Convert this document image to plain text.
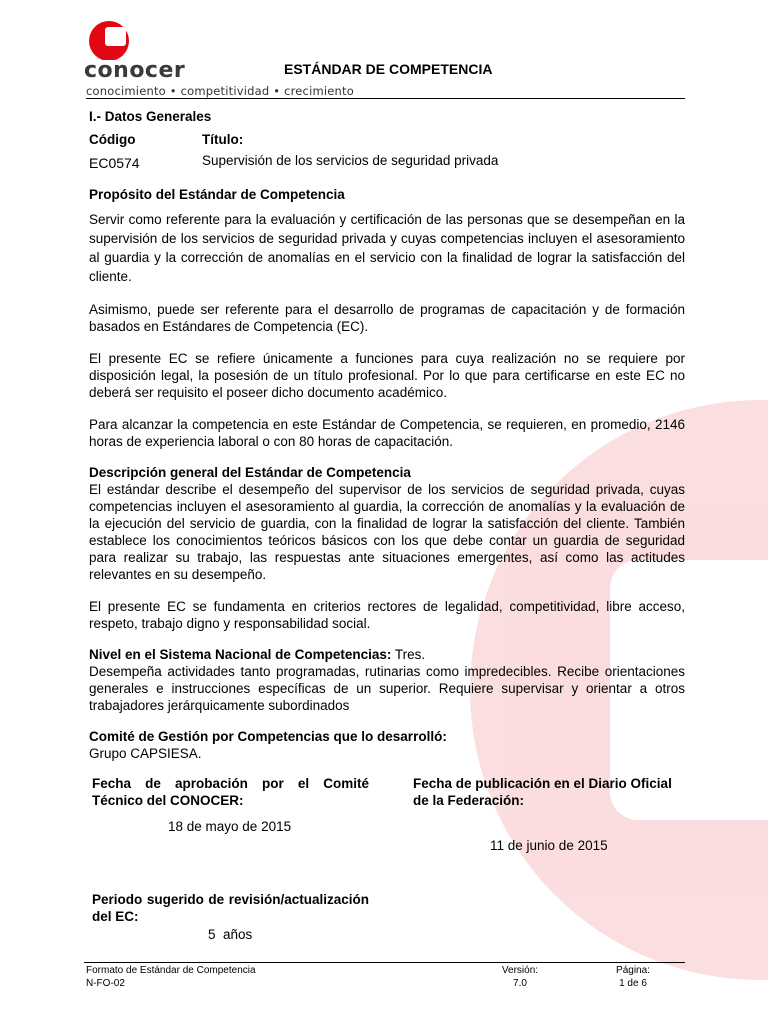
conocer
conocimiento • competitividad • crecimiento
ESTÁNDAR DE COMPETENCIA

I.- Datos Generales

Código	Título:
EC0574	Supervisión de los servicios de seguridad privada

Propósito del Estándar de Competencia

Servir como referente para la evaluación y certificación de las personas que se desempeñan en la supervisión de los servicios de seguridad privada y cuyas competencias incluyen el asesoramiento al guardia y la corrección de anomalías en el servicio con la finalidad de lograr la satisfacción del cliente.

Asimismo, puede ser referente para el desarrollo de programas de capacitación y de formación basados en Estándares de Competencia (EC).

El presente EC se refiere únicamente a funciones para cuya realización no se requiere por disposición legal, la posesión de un título profesional. Por lo que para certificarse en este EC no deberá ser requisito el poseer dicho documento académico.

Para alcanzar la competencia en este Estándar de Competencia, se requieren, en promedio, 2146 horas de experiencia laboral o con 80 horas de capacitación.

Descripción general del Estándar de Competencia

El estándar describe el desempeño del supervisor de los servicios de seguridad privada, cuyas competencias incluyen el asesoramiento al guardia, la corrección de anomalías y la evaluación de la ejecución del servicio de guardia, con la finalidad de lograr la satisfacción del cliente. También establece los conocimientos teóricos básicos con los que debe contar un guardia de seguridad para realizar su trabajo, las respuestas ante situaciones emergentes, así como las actitudes relevantes en su desempeño.

El presente EC se fundamenta en criterios rectores de legalidad, competitividad, libre acceso, respeto, trabajo digno y responsabilidad social.

Nivel en el Sistema Nacional de Competencias: Tres.

Desempeña actividades tanto programadas, rutinarias como impredecibles. Recibe orientaciones generales e instrucciones específicas de un superior. Requiere supervisar y orientar a otros trabajadores jerárquicamente subordinados

Comité de Gestión por Competencias que lo desarrolló:

Grupo CAPSIESA.

Fecha de aprobación por el Comité Técnico del CONOCER:

Fecha de publicación en el Diario Oficial de la Federación:

18 de mayo de 2015

11 de junio de 2015

Periodo sugerido de revisión/actualización del EC:

5  años

Formato de Estándar de Competencia
N-FO-02
Versión:
7.0
Página:
1 de 6
